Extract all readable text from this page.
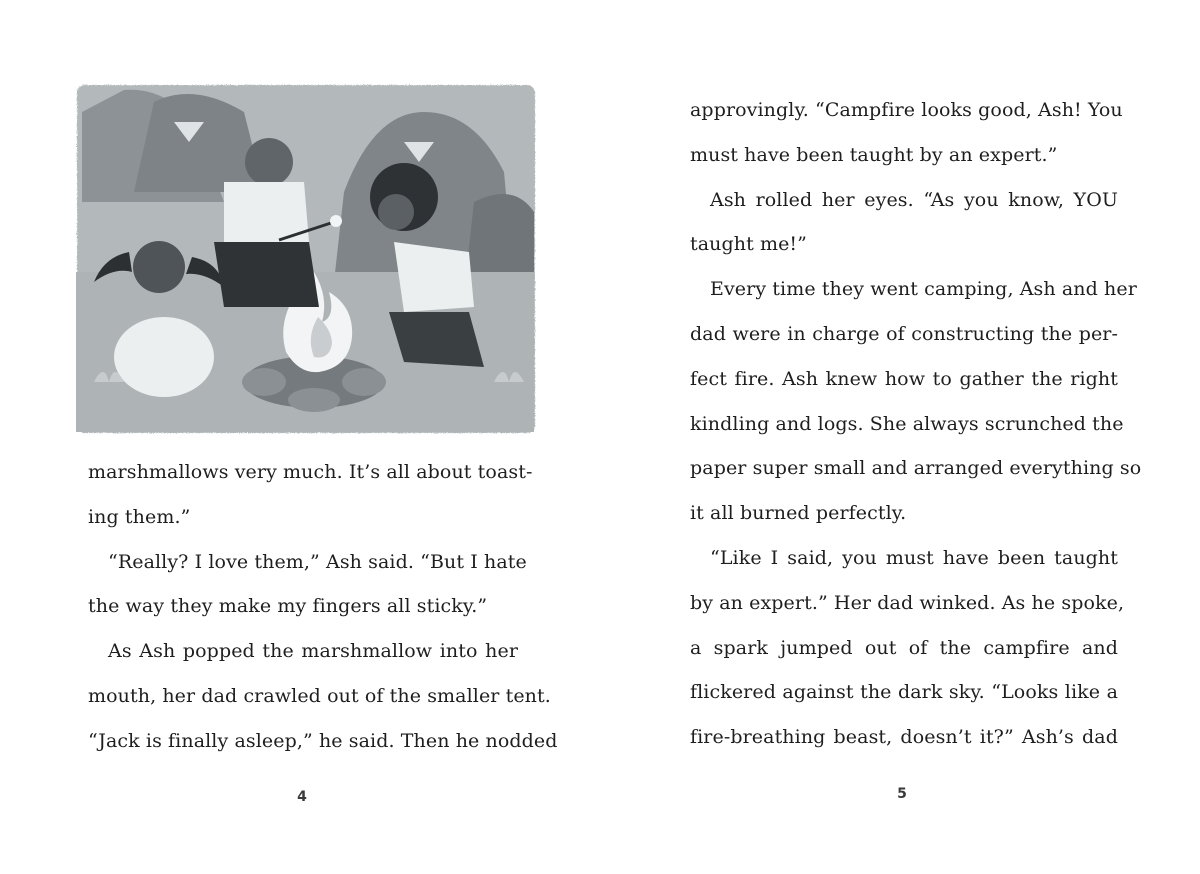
marshmallows very much. It’s all about toast-
ing them.”
“Really? I love them,” Ash said. “But I hate
the way they make my fingers all sticky.”
As Ash popped the marshmallow into her
mouth, her dad crawled out of the smaller tent.
“Jack is finally asleep,” he said. Then he nodded
4
approvingly. “Campfire looks good, Ash! You
must have been taught by an expert.”
Ash rolled her eyes. “As you know, YOU
taught me!”
Every time they went camping, Ash and her
dad were in charge of constructing the per-
fect fire. Ash knew how to gather the right
kindling and logs. She always scrunched the
paper super small and arranged everything so
it all burned perfectly.
“Like I said, you must have been taught
by an expert.” Her dad winked. As he spoke,
a spark jumped out of the campfire and
flickered against the dark sky. “Looks like a
fire-breathing beast, doesn’t it?” Ash’s dad
5
